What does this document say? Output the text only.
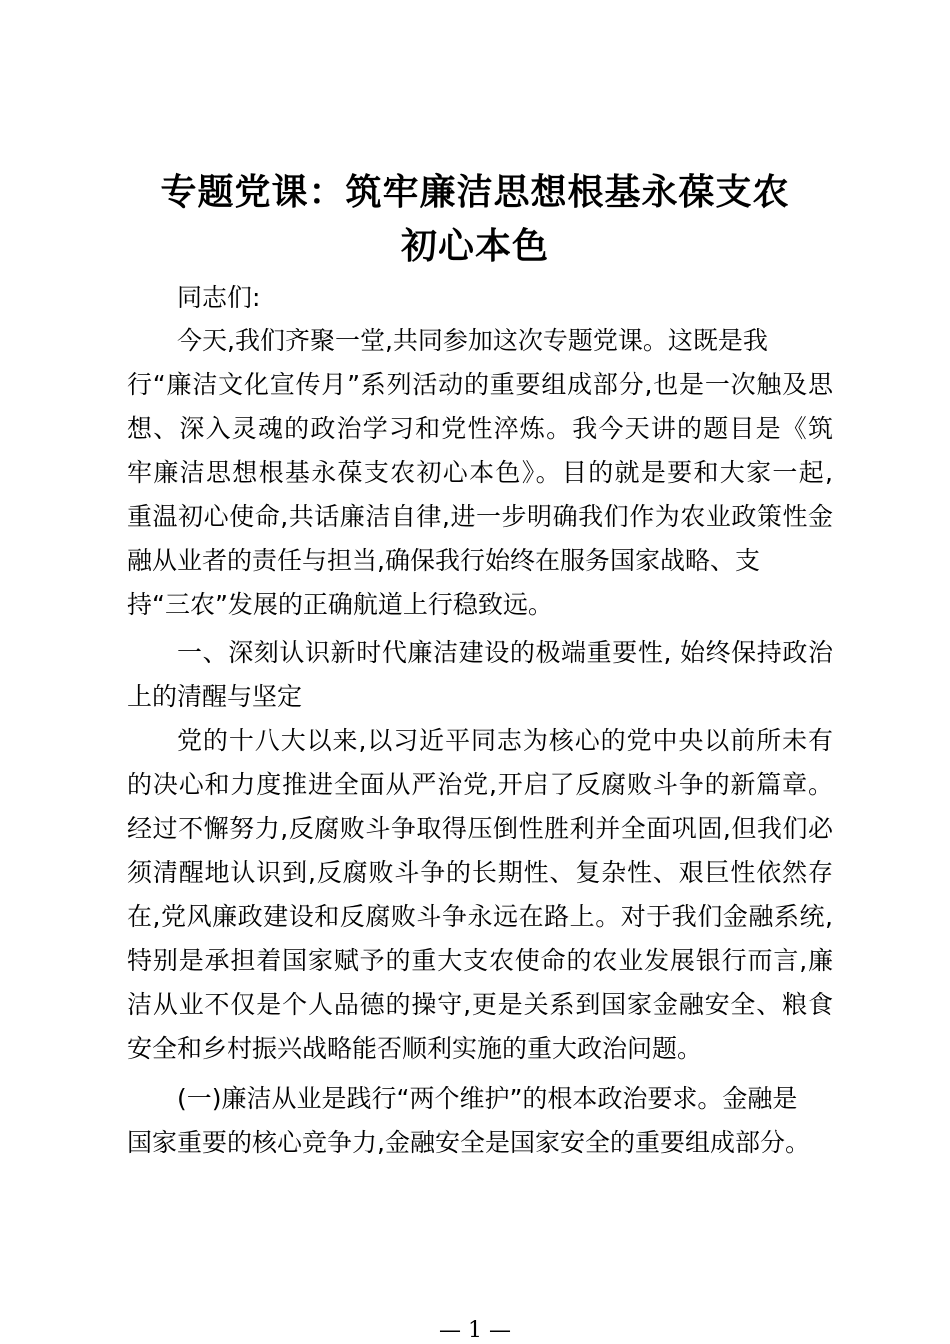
专题党课：筑牢廉洁思想根基永葆支农
初心本色
同志们:
今天,我们齐聚一堂,共同参加这次专题党课。这既是我
行“廉洁文化宣传月”系列活动的重要组成部分,也是一次触及思
想、深入灵魂的政治学习和党性淬炼。我今天讲的题目是《筑
牢廉洁思想根基永葆支农初心本色》。目的就是要和大家一起,
重温初心使命,共话廉洁自律,进一步明确我们作为农业政策性金
融从业者的责任与担当,确保我行始终在服务国家战略、支
持“三农”发展的正确航道上行稳致远。
一、深刻认识新时代廉洁建设的极端重要性, 始终保持政治
上的清醒与坚定
党的十八大以来,以习近平同志为核心的党中央以前所未有
的决心和力度推进全面从严治党,开启了反腐败斗争的新篇章。
经过不懈努力,反腐败斗争取得压倒性胜利并全面巩固,但我们必
须清醒地认识到,反腐败斗争的长期性、复杂性、艰巨性依然存
在,党风廉政建设和反腐败斗争永远在路上。对于我们金融系统,
特别是承担着国家赋予的重大支农使命的农业发展银行而言,廉
洁从业不仅是个人品德的操守,更是关系到国家金融安全、粮食
安全和乡村振兴战略能否顺利实施的重大政治问题。
(一)廉洁从业是践行“两个维护”的根本政治要求。金融是
国家重要的核心竞争力,金融安全是国家安全的重要组成部分。
— 1 —
